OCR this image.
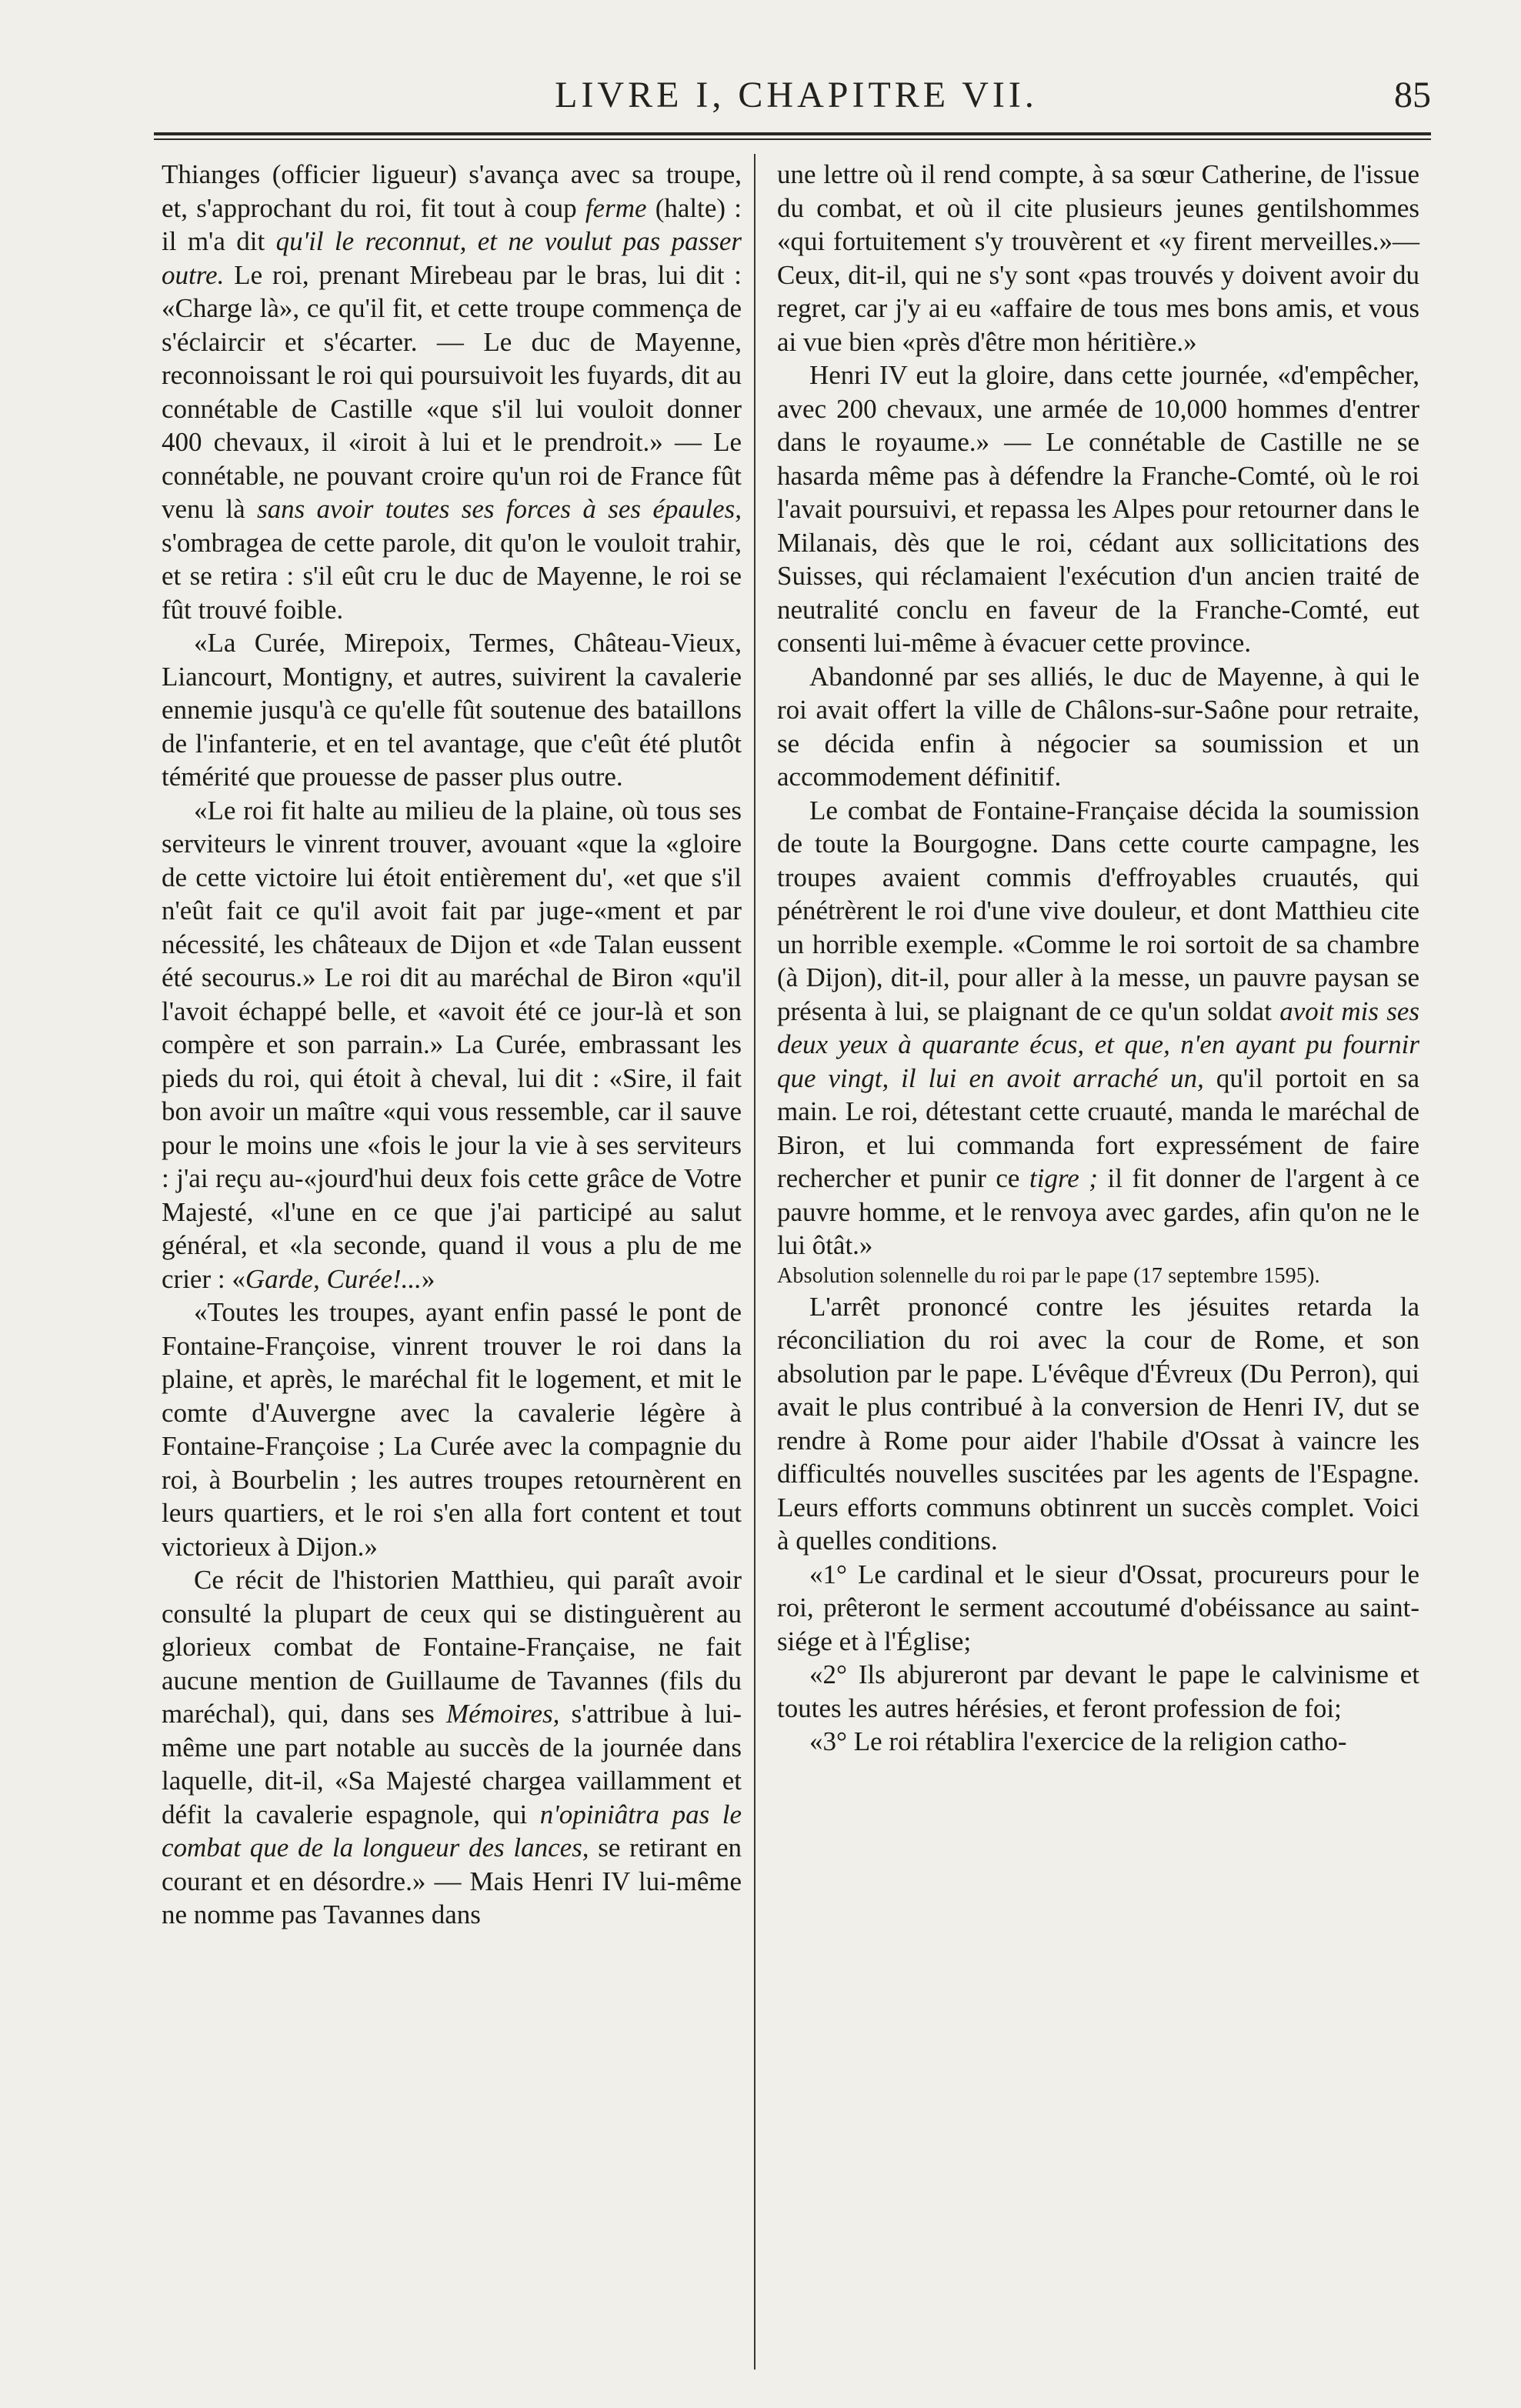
LIVRE I, CHAPITRE VII.	85

Thianges (officier ligueur) s'avança avec sa troupe, et, s'approchant du roi, fit tout à coup ferme (halte) : il m'a dit qu'il le reconnut, et ne voulut pas passer outre. Le roi, prenant Mirebeau par le bras, lui dit : «Charge là», ce qu'il fit, et cette troupe commença de s'éclaircir et s'écarter. — Le duc de Mayenne, reconnoissant le roi qui poursuivoit les fuyards, dit au connétable de Castille «que s'il lui vouloit donner 400 chevaux, il «iroit à lui et le prendroit.» — Le connétable, ne pouvant croire qu'un roi de France fût venu là sans avoir toutes ses forces à ses épaules, s'ombragea de cette parole, dit qu'on le vouloit trahir, et se retira : s'il eût cru le duc de Mayenne, le roi se fût trouvé foible.

«La Curée, Mirepoix, Termes, Château-Vieux, Liancourt, Montigny, et autres, suivirent la cavalerie ennemie jusqu'à ce qu'elle fût soutenue des bataillons de l'infanterie, et en tel avantage, que c'eût été plutôt témérité que prouesse de passer plus outre.

«Le roi fit halte au milieu de la plaine, où tous ses serviteurs le vinrent trouver, avouant «que la «gloire de cette victoire lui étoit entièrement du', «et que s'il n'eût fait ce qu'il avoit fait par juge-«ment et par nécessité, les châteaux de Dijon et «de Talan eussent été secourus.» Le roi dit au maréchal de Biron «qu'il l'avoit échappé belle, et «avoit été ce jour-là et son compère et son parrain.» La Curée, embrassant les pieds du roi, qui étoit à cheval, lui dit : «Sire, il fait bon avoir un maître «qui vous ressemble, car il sauve pour le moins une «fois le jour la vie à ses serviteurs : j'ai reçu au-«jourd'hui deux fois cette grâce de Votre Majesté, «l'une en ce que j'ai participé au salut général, et «la seconde, quand il vous a plu de me crier : «Garde, Curée!...»

«Toutes les troupes, ayant enfin passé le pont de Fontaine-Françoise, vinrent trouver le roi dans la plaine, et après, le maréchal fit le logement, et mit le comte d'Auvergne avec la cavalerie légère à Fontaine-Françoise ; La Curée avec la compagnie du roi, à Bourbelin ; les autres troupes retournèrent en leurs quartiers, et le roi s'en alla fort content et tout victorieux à Dijon.»

Ce récit de l'historien Matthieu, qui paraît avoir consulté la plupart de ceux qui se distinguèrent au glorieux combat de Fontaine-Française, ne fait aucune mention de Guillaume de Tavannes (fils du maréchal), qui, dans ses Mémoires, s'attribue à lui-même une part notable au succès de la journée dans laquelle, dit-il, «Sa Majesté chargea vaillamment et défit la cavalerie espagnole, qui n'opiniâtra pas le combat que de la longueur des lances, se retirant en courant et en désordre.» — Mais Henri IV lui-même ne nomme pas Tavannes dans

une lettre où il rend compte, à sa sœur Catherine, de l'issue du combat, et où il cite plusieurs jeunes gentilshommes «qui fortuitement s'y trouvèrent et «y firent merveilles.»—Ceux, dit-il, qui ne s'y sont «pas trouvés y doivent avoir du regret, car j'y ai eu «affaire de tous mes bons amis, et vous ai vue bien «près d'être mon héritière.»

Henri IV eut la gloire, dans cette journée, «d'empêcher, avec 200 chevaux, une armée de 10,000 hommes d'entrer dans le royaume.» — Le connétable de Castille ne se hasarda même pas à défendre la Franche-Comté, où le roi l'avait poursuivi, et repassa les Alpes pour retourner dans le Milanais, dès que le roi, cédant aux sollicitations des Suisses, qui réclamaient l'exécution d'un ancien traité de neutralité conclu en faveur de la Franche-Comté, eut consenti lui-même à évacuer cette province.

Abandonné par ses alliés, le duc de Mayenne, à qui le roi avait offert la ville de Châlons-sur-Saône pour retraite, se décida enfin à négocier sa soumission et un accommodement définitif.

Le combat de Fontaine-Française décida la soumission de toute la Bourgogne. Dans cette courte campagne, les troupes avaient commis d'effroyables cruautés, qui pénétrèrent le roi d'une vive douleur, et dont Matthieu cite un horrible exemple. «Comme le roi sortoit de sa chambre (à Dijon), dit-il, pour aller à la messe, un pauvre paysan se présenta à lui, se plaignant de ce qu'un soldat avoit mis ses deux yeux à quarante écus, et que, n'en ayant pu fournir que vingt, il lui en avoit arraché un, qu'il portoit en sa main. Le roi, détestant cette cruauté, manda le maréchal de Biron, et lui commanda fort expressément de faire rechercher et punir ce tigre ; il fit donner de l'argent à ce pauvre homme, et le renvoya avec gardes, afin qu'on ne le lui ôtât.»

Absolution solennelle du roi par le pape (17 septembre 1595).

L'arrêt prononcé contre les jésuites retarda la réconciliation du roi avec la cour de Rome, et son absolution par le pape. L'évêque d'Évreux (Du Perron), qui avait le plus contribué à la conversion de Henri IV, dut se rendre à Rome pour aider l'habile d'Ossat à vaincre les difficultés nouvelles suscitées par les agents de l'Espagne. Leurs efforts communs obtinrent un succès complet. Voici à quelles conditions.

«1° Le cardinal et le sieur d'Ossat, procureurs pour le roi, prêteront le serment accoutumé d'obéissance au saint-siége et à l'Église;

«2° Ils abjureront par devant le pape le calvinisme et toutes les autres hérésies, et feront profession de foi;

«3° Le roi rétablira l'exercice de la religion catho-
